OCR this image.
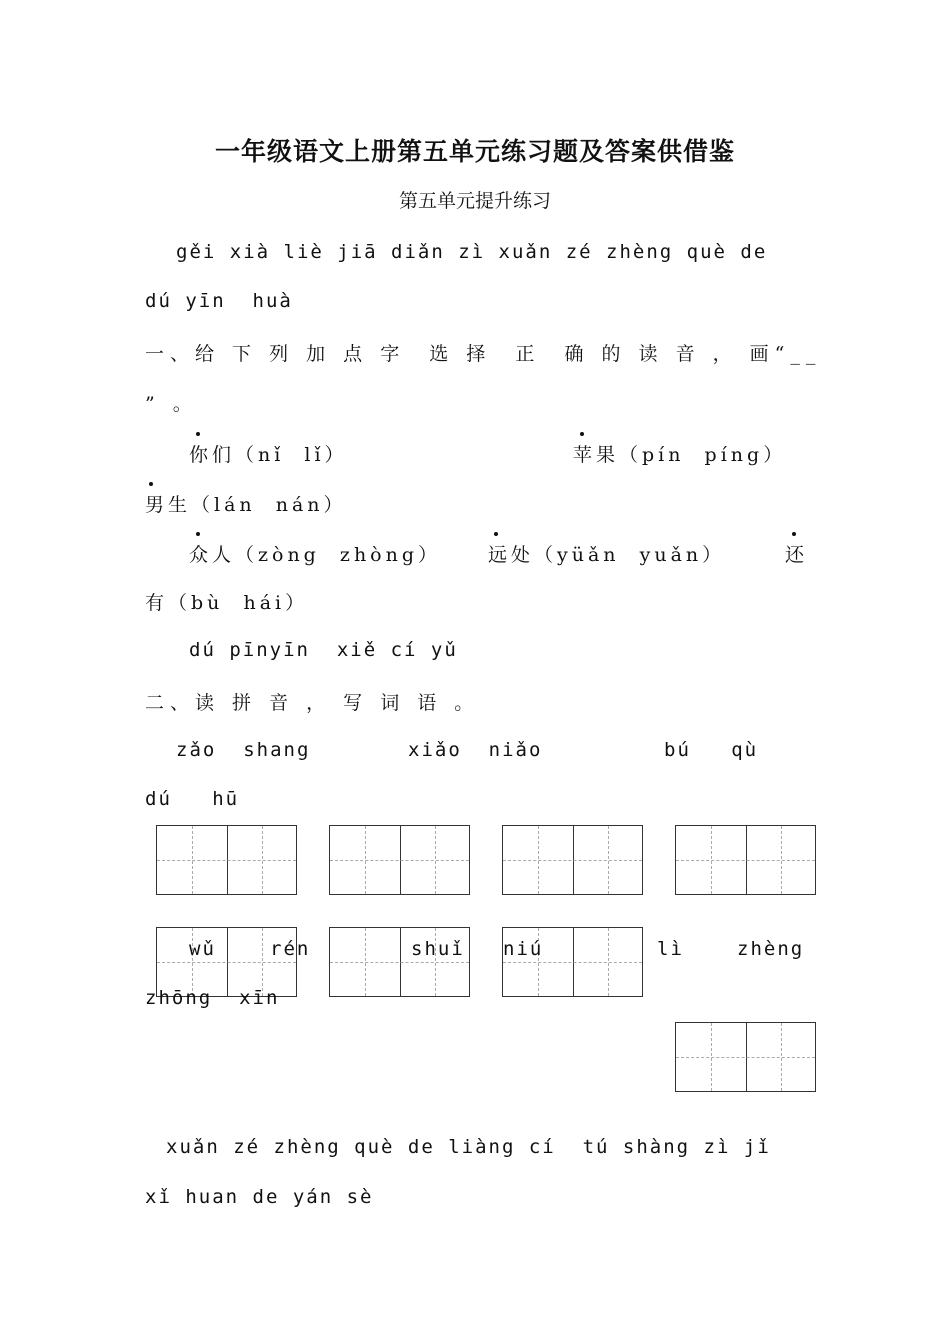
一年级语文上册第五单元练习题及答案供借鉴
第五单元提升练习
gěi xià liè jiā diǎn zì xuǎn zé zhèng què de
dú yīn  huà
一、给 下 列 加 点 字  选 择  正  确 的 读 音 ， 画“__
” 。
你们（nǐ  lǐ）	苹果（pín  píng）
男生（lán  nán）
众人（zòng  zhòng） 远处（yüǎn  yuǎn）	还
有（bù  hái）
dú pīnyīn  xiě cí yǔ
二、读 拼 音 ， 写 词 语 。
zǎo  shang	xiǎo  niǎo	bú   qù
dú   hū
wǔ	rén	shuǐ niú	lì	zhèng
zhōng  xīn
xuǎn zé zhèng què de liàng cí  tú shàng zì jǐ
xǐ huan de yán sè
